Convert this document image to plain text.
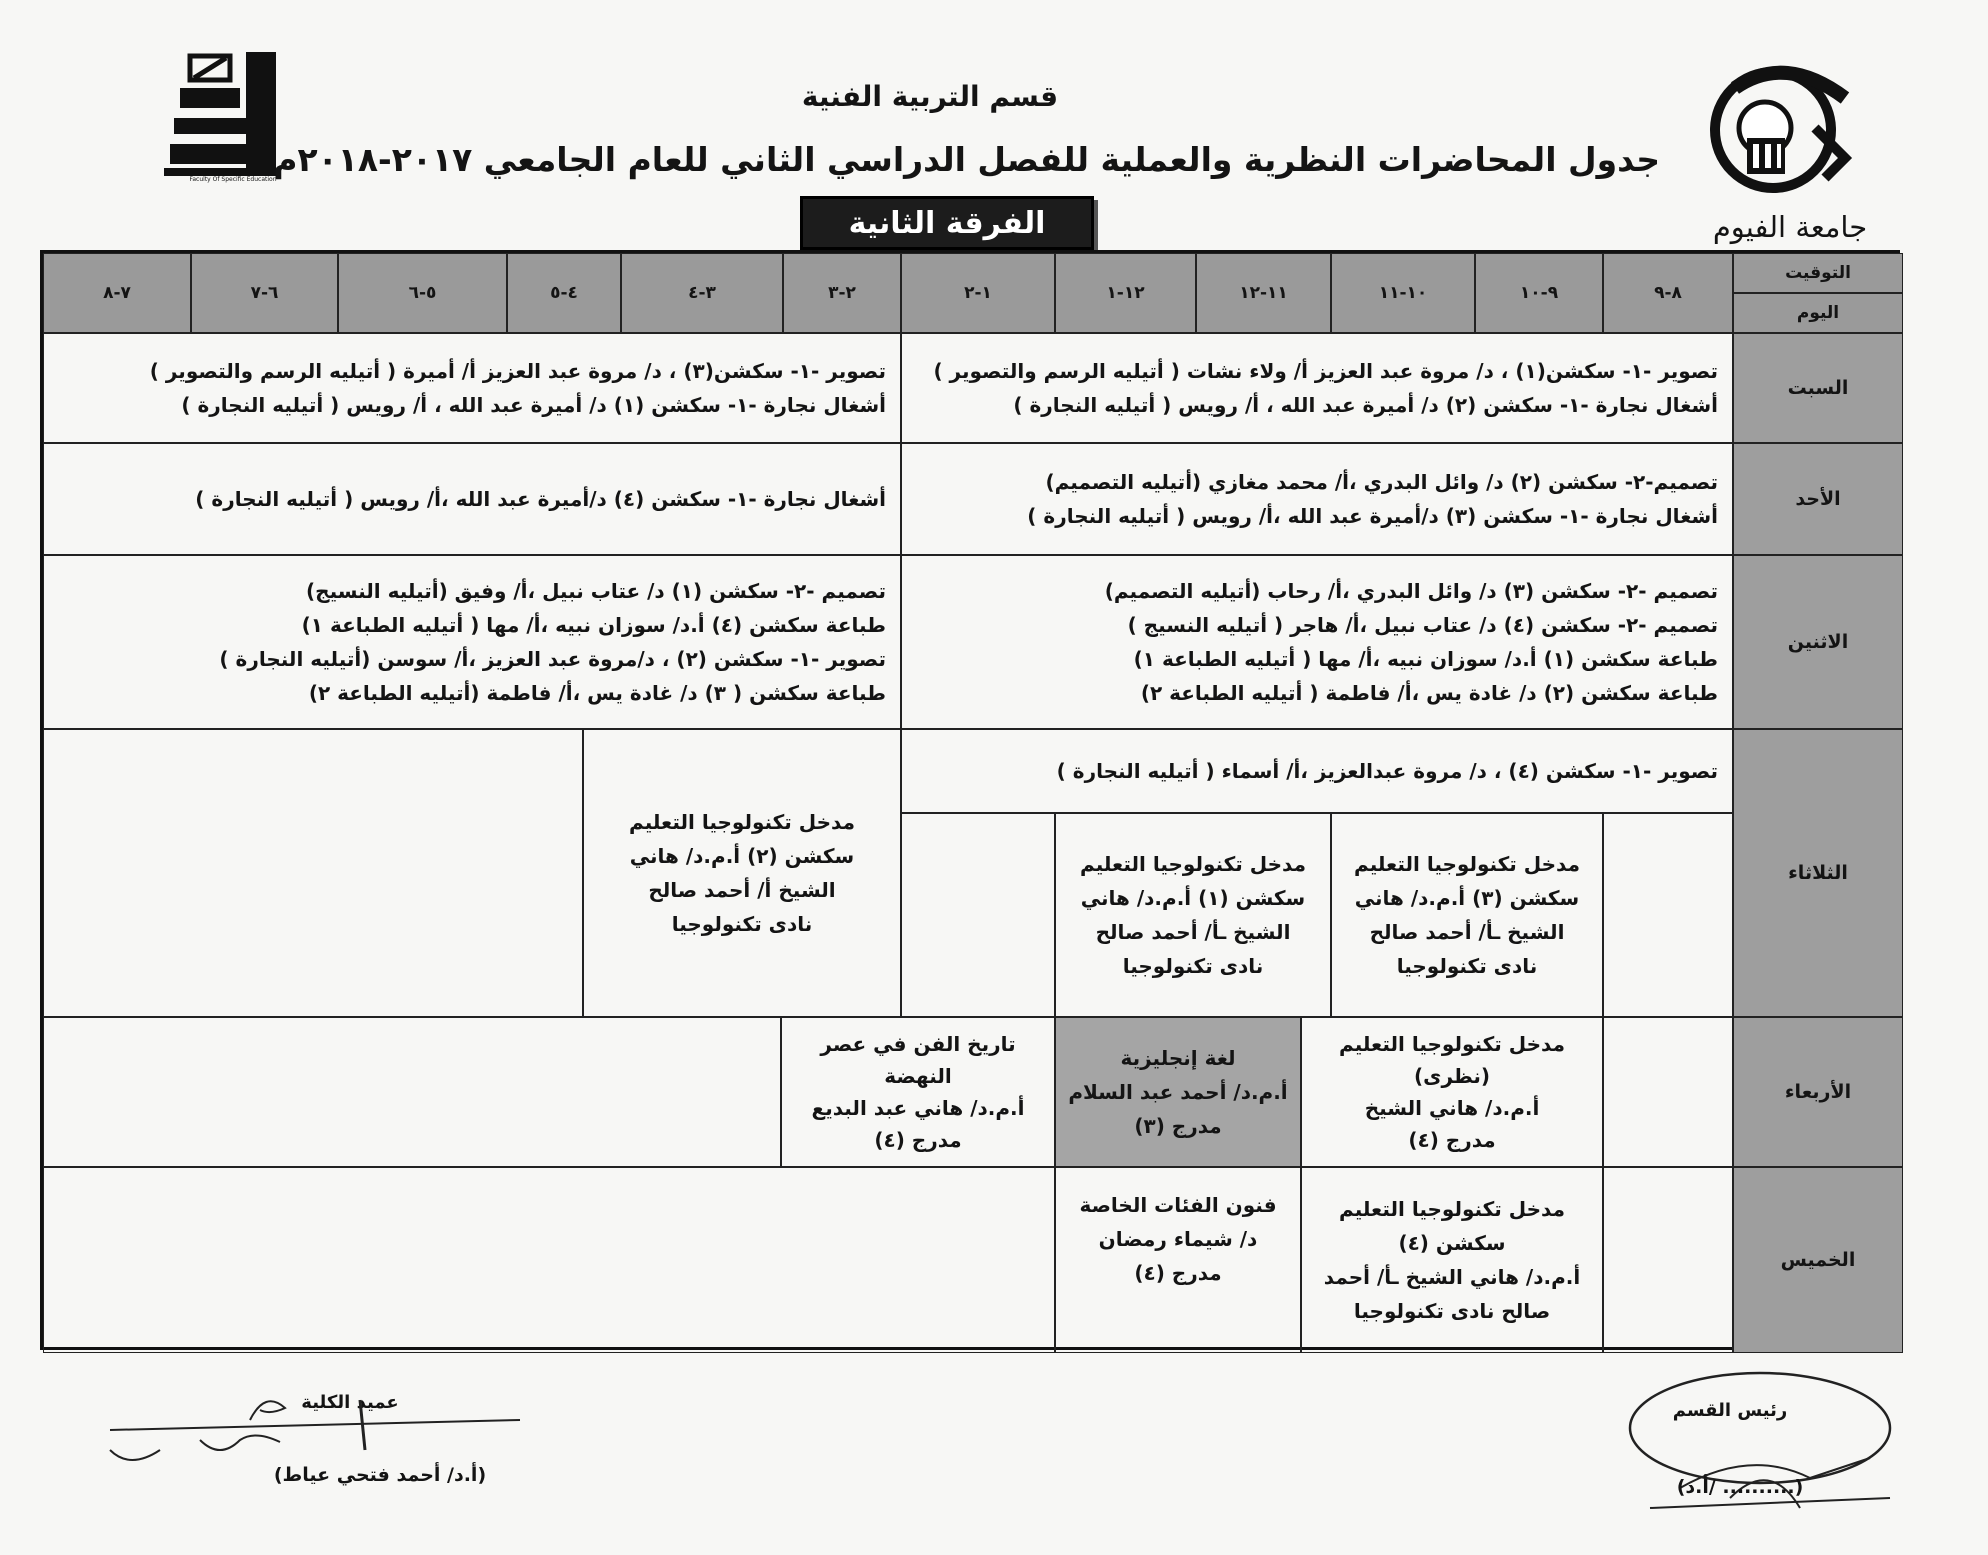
Faculty Of Specific Education
قسم التربية الفنية
جدول المحاضرات النظرية والعملية للفصل الدراسي الثاني للعام الجامعي ٢٠١٧-٢٠١٨م
الفرقة الثانية	جامعة الفيوم
التوقيت
اليوم
٨-٩
٩-١٠
١٠-١١
١١-١٢
١٢-١
١-٢
٢-٣
٣-٤
٤-٥
٥-٦
٦-٧
٧-٨
السبت
الأحد
الاثنين
الثلاثاء
الأربعاء
الخميس
تصوير -١- سكشن(١) ، د/ مروة عبد العزيز أ/ ولاء نشات ( أتيليه الرسم والتصوير )
أشغال نجارة -١- سكشن (٢) د/ أميرة عبد الله ، أ/ رويس ( أتيليه النجارة )
تصوير -١- سكشن(٣) ، د/ مروة عبد العزيز أ/ أميرة ( أتيليه الرسم والتصوير )
أشغال نجارة -١- سكشن (١) د/ أميرة عبد الله ، أ/ رويس ( أتيليه النجارة )
تصميم-٢- سكشن (٢) د/ وائل البدري ،أ/ محمد مغازي (أتيليه التصميم)
أشغال نجارة -١- سكشن (٣) د/أميرة عبد الله ،أ/ رويس ( أتيليه النجارة )
أشغال نجارة -١- سكشن (٤) د/أميرة عبد الله ،أ/ رويس ( أتيليه النجارة )
تصميم -٢- سكشن (٣) د/ وائل البدري ،أ/ رحاب (أتيليه التصميم)
تصميم -٢- سكشن (٤) د/ عتاب نبيل ،أ/ هاجر ( أتيليه النسيج )
طباعة سكشن (١) أ.د/ سوزان نبيه ،أ/ مها ( أتيليه الطباعة ١)
طباعة سكشن (٢) د/ غادة يس ،أ/ فاطمة ( أتيليه الطباعة ٢)
تصميم -٢- سكشن (١) د/ عتاب نبيل ،أ/ وفيق (أتيليه النسيج)
طباعة سكشن (٤) أ.د/ سوزان نبيه ،أ/ مها ( أتيليه الطباعة ١)
تصوير -١- سكشن (٢) ، د/مروة عبد العزيز ،أ/ سوسن (أتيليه النجارة )
طباعة سكشن ( ٣) د/ غادة يس ،أ/ فاطمة (أتيليه الطباعة ٢)
تصوير -١- سكشن (٤) ، د/ مروة عبدالعزيز ،أ/ أسماء ( أتيليه النجارة )
مدخل تكنولوجيا التعليم
سكشن (٣) أ.م.د/ هاني
الشيخ ـأ/ أحمد صالح
نادى تكنولوجيا
مدخل تكنولوجيا التعليم
سكشن (١) أ.م.د/ هاني
الشيخ ـأ/ أحمد صالح
نادى تكنولوجيا
مدخل تكنولوجيا التعليم
سكشن (٢) أ.م.د/ هاني
الشيخ أ/ أحمد صالح
نادى تكنولوجيا
مدخل تكنولوجيا التعليم
(نظرى)
أ.م.د/ هاني الشيخ
مدرج (٤)
لغة إنجليزية
أ.م.د/ أحمد عبد السلام
مدرج (٣)
تاريخ الفن في عصر
النهضة
أ.م.د/ هاني عبد البديع
مدرج (٤)
مدخل تكنولوجيا التعليم
سكشن (٤)
أ.م.د/ هاني الشيخ ـأ/ أحمد
صالح نادى تكنولوجيا
فنون الفئات الخاصة
د/ شيماء رمضان
مدرج (٤)
عميد الكلية
(أ.د/ أحمد فتحي عياط)
رئيس القسم
(أ.د/ ..........)
